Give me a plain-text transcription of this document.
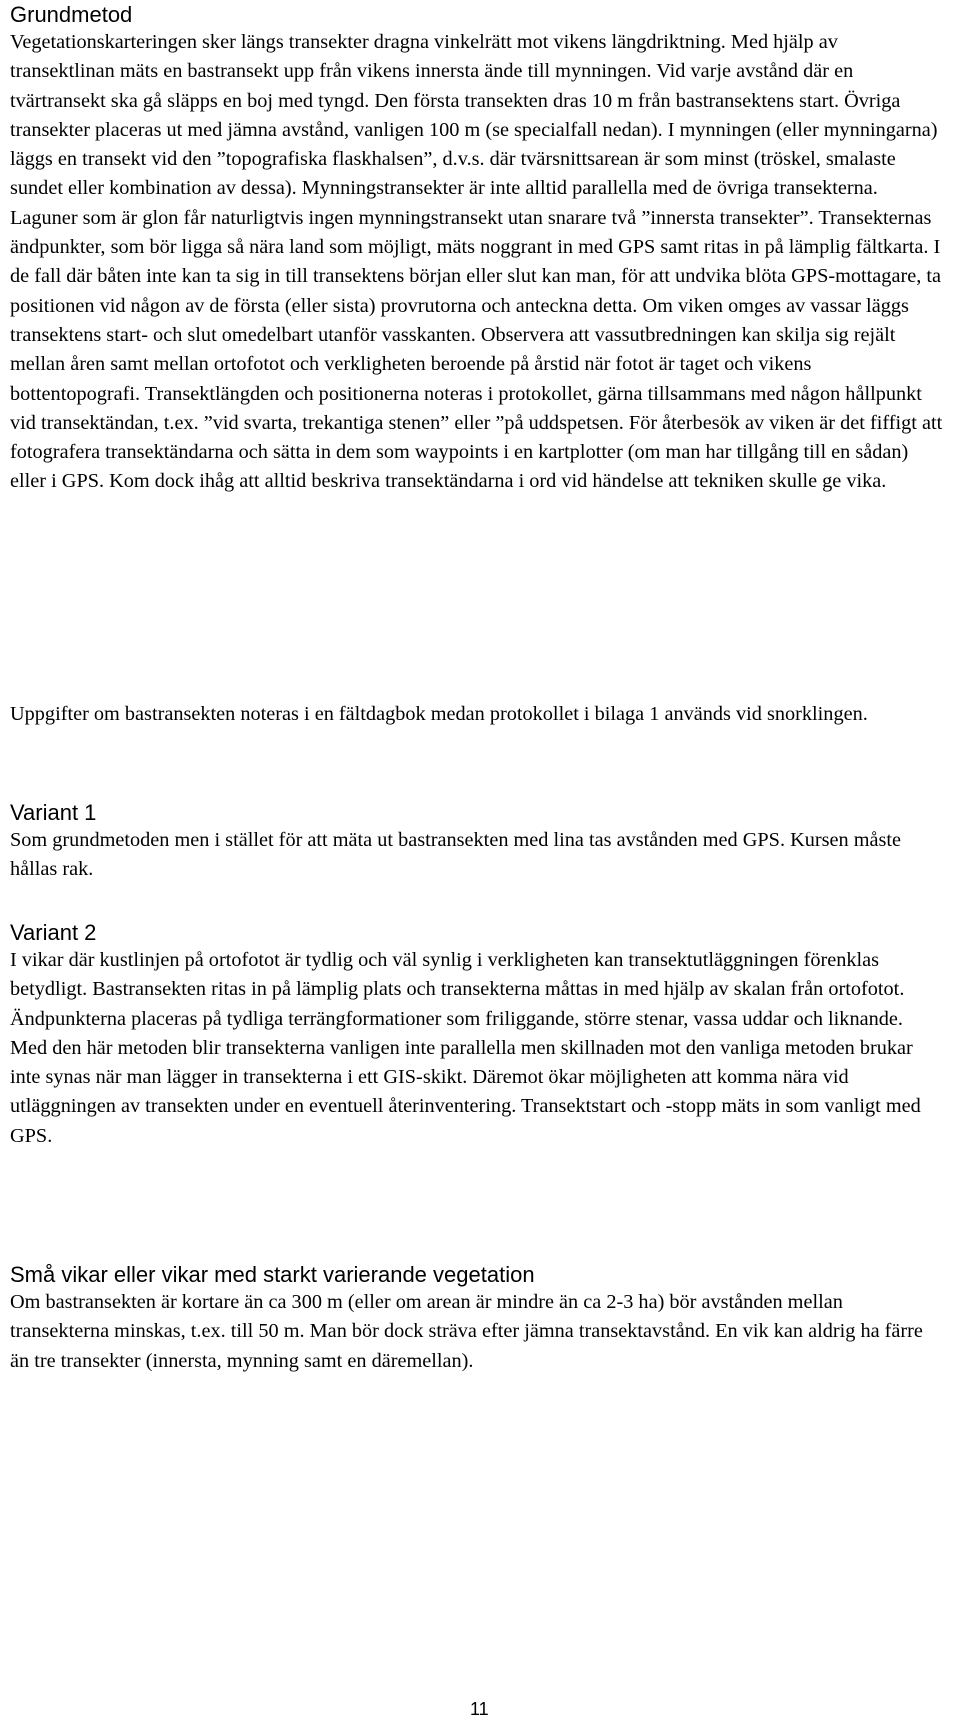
Grundmetod

Vegetationskarteringen sker längs transekter dragna vinkelrätt mot vikens längdriktning. Med hjälp av transektlinan mäts en bastransekt upp från vikens innersta ände till mynningen. Vid varje avstånd där en tvärtransekt ska gå släpps en boj med tyngd. Den första transekten dras 10 m från bastransektens start. Övriga transekter placeras ut med jämna avstånd, vanligen 100 m (se specialfall nedan). I mynningen (eller mynningarna) läggs en transekt vid den ”topografiska flaskhalsen”, d.v.s. där tvärsnittsarean är som minst (tröskel, smalaste sundet eller kombination av dessa). Mynningstransekter är inte alltid parallella med de övriga transekterna. Laguner som är glon får naturligtvis ingen mynningstransekt utan snarare två ”innersta transekter”. Transekternas ändpunkter, som bör ligga så nära land som möjligt, mäts noggrant in med GPS samt ritas in på lämplig fältkarta. I de fall där båten inte kan ta sig in till transektens början eller slut kan man, för att undvika blöta GPS-mottagare, ta positionen vid någon av de första (eller sista) provrutorna och anteckna detta. Om viken omges av vassar läggs transektens start- och slut omedelbart utanför vasskanten. Observera att vassutbredningen kan skilja sig rejält mellan åren samt mellan ortofotot och verkligheten beroende på årstid när fotot är taget och vikens bottentopografi. Transektlängden och positionerna noteras i protokollet, gärna tillsammans med någon hållpunkt vid transektändan, t.ex. ”vid svarta, trekantiga stenen” eller ”på uddspetsen. För återbesök av viken är det fiffigt att fotografera transektändarna och sätta in dem som waypoints i en kartplotter (om man har tillgång till en sådan) eller i GPS. Kom dock ihåg att alltid beskriva transektändarna i ord vid händelse att tekniken skulle ge vika.

Uppgifter om bastransekten noteras i en fältdagbok medan protokollet i bilaga 1 används vid snorklingen.

Variant 1

Som grundmetoden men i stället för att mäta ut bastransekten med lina tas avstånden med GPS. Kursen måste hållas rak.

Variant 2

I vikar där kustlinjen på ortofotot är tydlig och väl synlig i verkligheten kan transektutläggningen förenklas betydligt. Bastransekten ritas in på lämplig plats och transekterna måttas in med hjälp av skalan från ortofotot. Ändpunkterna placeras på tydliga terrängformationer som friliggande, större stenar, vassa uddar och liknande. Med den här metoden blir transekterna vanligen inte parallella men skillnaden mot den vanliga metoden brukar inte synas när man lägger in transekterna i ett GIS-skikt. Däremot ökar möjligheten att komma nära vid utläggningen av transekten under en eventuell återinventering. Transektstart och -stopp mäts in som vanligt med GPS.

Små vikar eller vikar med starkt varierande vegetation

Om bastransekten är kortare än ca 300 m (eller om arean är mindre än ca 2-3 ha) bör avstånden mellan transekterna minskas, t.ex. till 50 m. Man bör dock sträva efter jämna transektavstånd. En vik kan aldrig ha färre än tre transekter (innersta, mynning samt en däremellan).

11
